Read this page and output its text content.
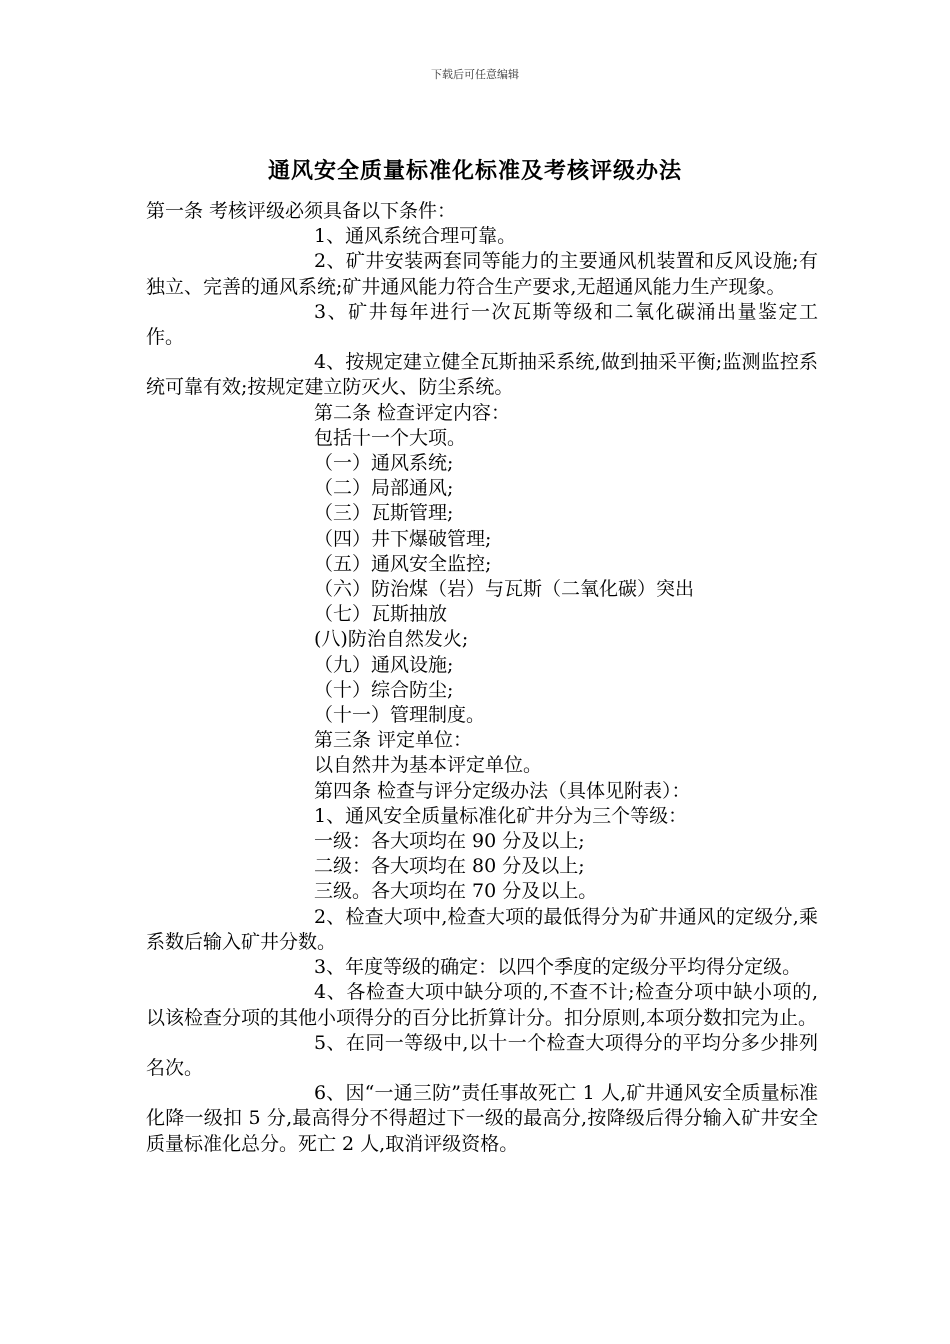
下载后可任意编辑
通风安全质量标准化标准及考核评级办法

第一条 考核评级必须具备以下条件：

1、通风系统合理可靠。

2、矿井安装两套同等能力的主要通风机装置和反风设施;有独立、完善的通风系统;矿井通风能力符合生产要求,无超通风能力生产现象。

3、矿井每年进行一次瓦斯等级和二氧化碳涌出量鉴定工作。

4、按规定建立健全瓦斯抽采系统,做到抽采平衡;监测监控系统可靠有效;按规定建立防灭火、防尘系统。

第二条 检查评定内容：

包括十一个大项。

（一）通风系统;

（二）局部通风;

（三）瓦斯管理;

（四）井下爆破管理;

（五）通风安全监控;

（六）防治煤（岩）与瓦斯（二氧化碳）突出

（七）瓦斯抽放

(八)防治自然发火;

（九）通风设施;

（十）综合防尘;

（十一）管理制度。

第三条 评定单位：

以自然井为基本评定单位。

第四条 检查与评分定级办法（具体见附表）：

1、通风安全质量标准化矿井分为三个等级：

一级：各大项均在 90 分及以上;

二级：各大项均在 80 分及以上;

三级。各大项均在 70 分及以上。

2、检查大项中,检查大项的最低得分为矿井通风的定级分,乘系数后输入矿井分数。

3、年度等级的确定：以四个季度的定级分平均得分定级。

4、各检查大项中缺分项的,不查不计;检查分项中缺小项的,以该检查分项的其他小项得分的百分比折算计分。扣分原则,本项分数扣完为止。

5、在同一等级中,以十一个检查大项得分的平均分多少排列名次。

6、因“一通三防”责任事故死亡 1 人,矿井通风安全质量标准化降一级扣 5 分,最高得分不得超过下一级的最高分,按降级后得分输入矿井安全质量标准化总分。死亡 2 人,取消评级资格。
